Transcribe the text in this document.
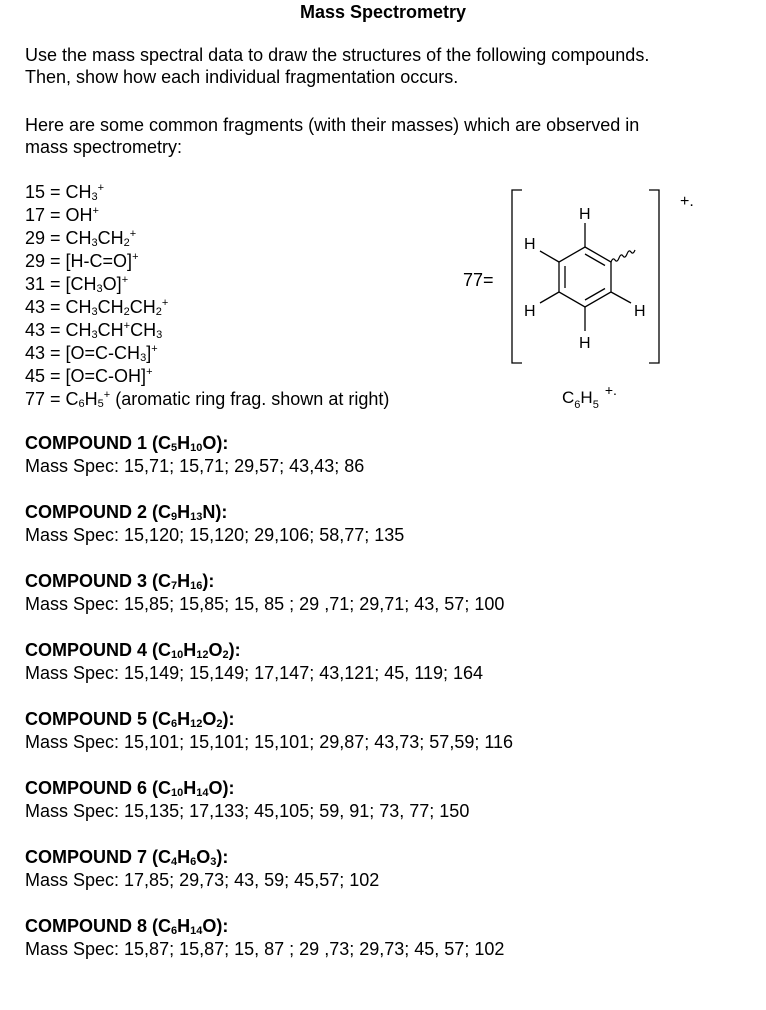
Mass Spectrometry
Use the mass spectral data to draw the structures of the following compounds.
Then, show how each individual fragmentation occurs.
Here are some common fragments (with their masses) which are observed in
mass spectrometry:
$15 = CH_3^+$
17 = OH+
$29 = CH_3CH_2^+$
29 = [H-C=O]+
$31 = [CH_3O]^+$
$43 = CH_3CH_2CH_2^+$
$43 = CH_3CH^+CH_3$
$43 = [O=C-CH_3]^+$
45 = [O=C-OH]+
$77 = C_6H_5^+$ (aromatic ring frag. shown at right)
77=
+.
H
H
H	H
H
$C_6H_5^{+.}$
COMPOUND 1 $(C_5H_{10}O)$:
Mass Spec: 15,71; 15,71; 29,57; 43,43; 86
COMPOUND 2 $(C_9H_{13}N)$:
Mass Spec: 15,120; 15,120; 29,106; 58,77; 135
COMPOUND 3 $(C_7H_{16})$:
Mass Spec: 15,85; 15,85; 15, 85 ; 29 ,71; 29,71; 43, 57; 100
COMPOUND 4 $(C_{10}H_{12}O_2)$:
Mass Spec: 15,149; 15,149; 17,147; 43,121; 45, 119; 164
COMPOUND 5 $(C_6H_{12}O_2)$:
Mass Spec: 15,101; 15,101; 15,101; 29,87; 43,73; 57,59; 116
COMPOUND 6 $(C_{10}H_{14}O)$:
Mass Spec: 15,135; 17,133; 45,105; 59, 91; 73, 77; 150
COMPOUND 7 $(C_4H_6O_3)$:
Mass Spec: 17,85; 29,73; 43, 59; 45,57; 102
COMPOUND 8 $(C_6H_{14}O)$:
Mass Spec: 15,87; 15,87; 15, 87 ; 29 ,73; 29,73; 45, 57; 102
